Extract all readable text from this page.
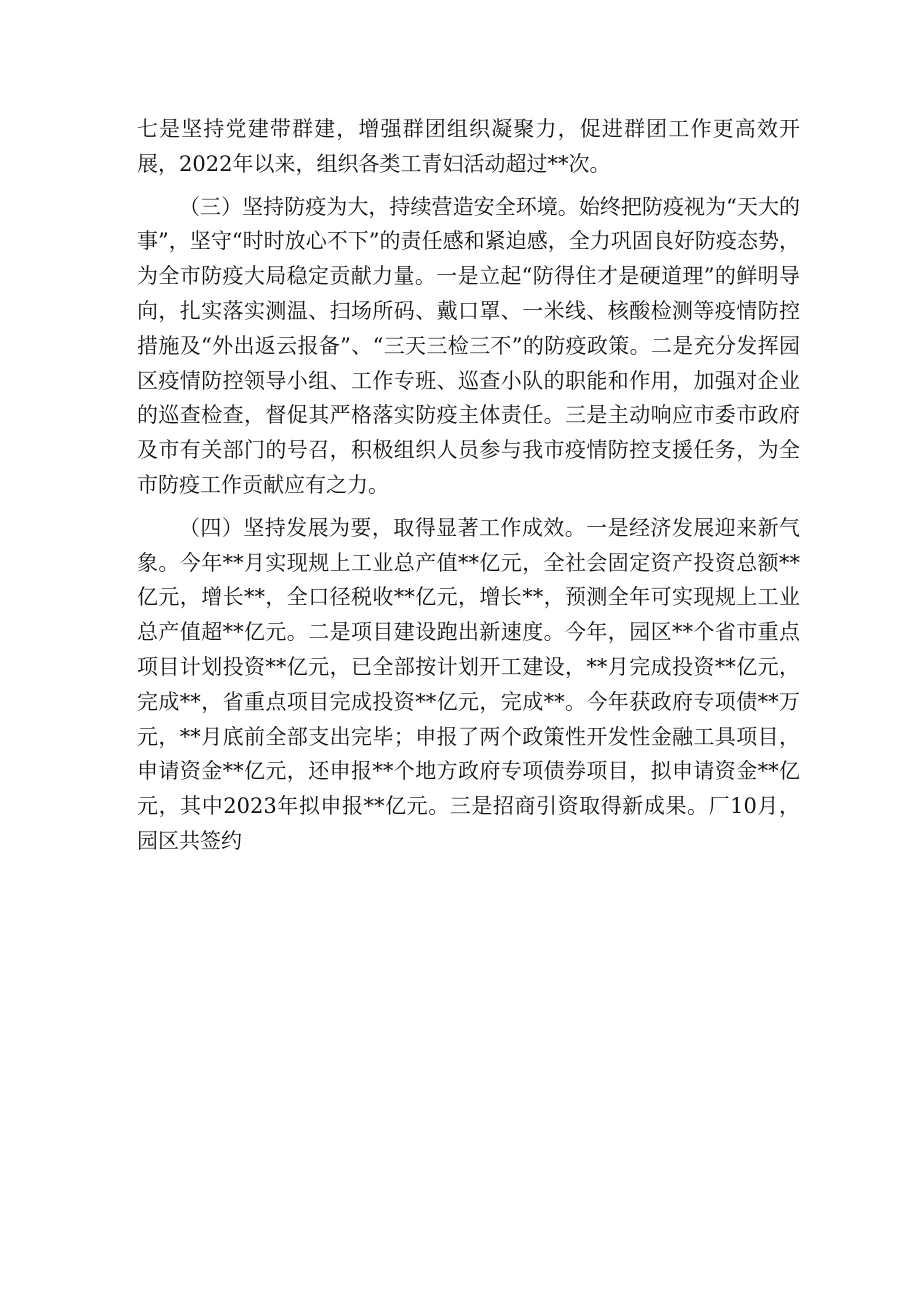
七是坚持党建带群建，增强群团组织凝聚力，促进群团工作更高效开展，2022年以来，组织各类工青妇活动超过**次。

（三）坚持防疫为大，持续营造安全环境。始终把防疫视为“天大的事”，坚守“时时放心不下”的责任感和紧迫感，全力巩固良好防疫态势，为全市防疫大局稳定贡献力量。一是立起“防得住才是硬道理”的鲜明导向，扎实落实测温、扫场所码、戴口罩、一米线、核酸检测等疫情防控措施及“外出返云报备”、“三天三检三不”的防疫政策。二是充分发挥园区疫情防控领导小组、工作专班、巡查小队的职能和作用，加强对企业的巡查检查，督促其严格落实防疫主体责任。三是主动响应市委市政府及市有关部门的号召，积极组织人员参与我市疫情防控支援任务，为全市防疫工作贡献应有之力。

（四）坚持发展为要，取得显著工作成效。一是经济发展迎来新气象。今年**月实现规上工业总产值**亿元，全社会固定资产投资总额**亿元，增长**，全口径税收**亿元，增长**，预测全年可实现规上工业总产值超**亿元。二是项目建设跑出新速度。今年，园区**个省市重点项目计划投资**亿元，已全部按计划开工建设，**月完成投资**亿元，完成**，省重点项目完成投资**亿元，完成**。今年获政府专项债**万元，**月底前全部支出完毕；申报了两个政策性开发性金融工具项目，申请资金**亿元，还申报**个地方政府专项债券项目，拟申请资金**亿元，其中2023年拟申报**亿元。三是招商引资取得新成果。厂10月，园区共签约
